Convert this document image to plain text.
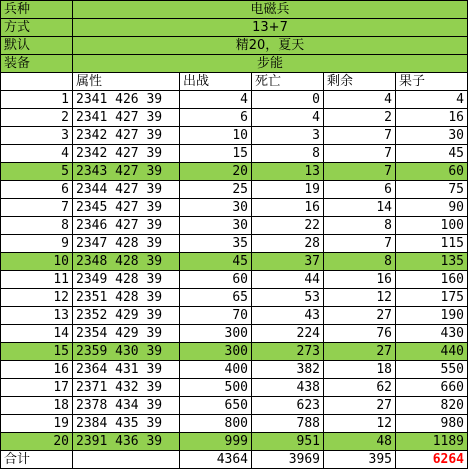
兵种	电磁兵				
方式	13+7				
默认	精20，夏天				
装备	步能				
	属性	出战	死亡	剩余	果子
1	2341 426 39	4	0	4	4
2	2341 427 39	6	4	2	16
3	2342 427 39	10	3	7	30
4	2342 427 39	15	8	7	45
5	2343 427 39	20	13	7	60
6	2344 427 39	25	19	6	75
7	2345 427 39	30	16	14	90
8	2346 427 39	30	22	8	100
9	2347 428 39	35	28	7	115
10	2348 428 39	45	37	8	135
11	2349 428 39	60	44	16	160
12	2351 428 39	65	53	12	175
13	2352 429 39	70	43	27	190
14	2354 429 39	300	224	76	430
15	2359 430 39	300	273	27	440
16	2364 431 39	400	382	18	550
17	2371 432 39	500	438	62	660
18	2378 434 39	650	623	27	820
19	2384 435 39	800	788	12	980
20	2391 436 39	999	951	48	1189
合计		4364	3969	395	6264
